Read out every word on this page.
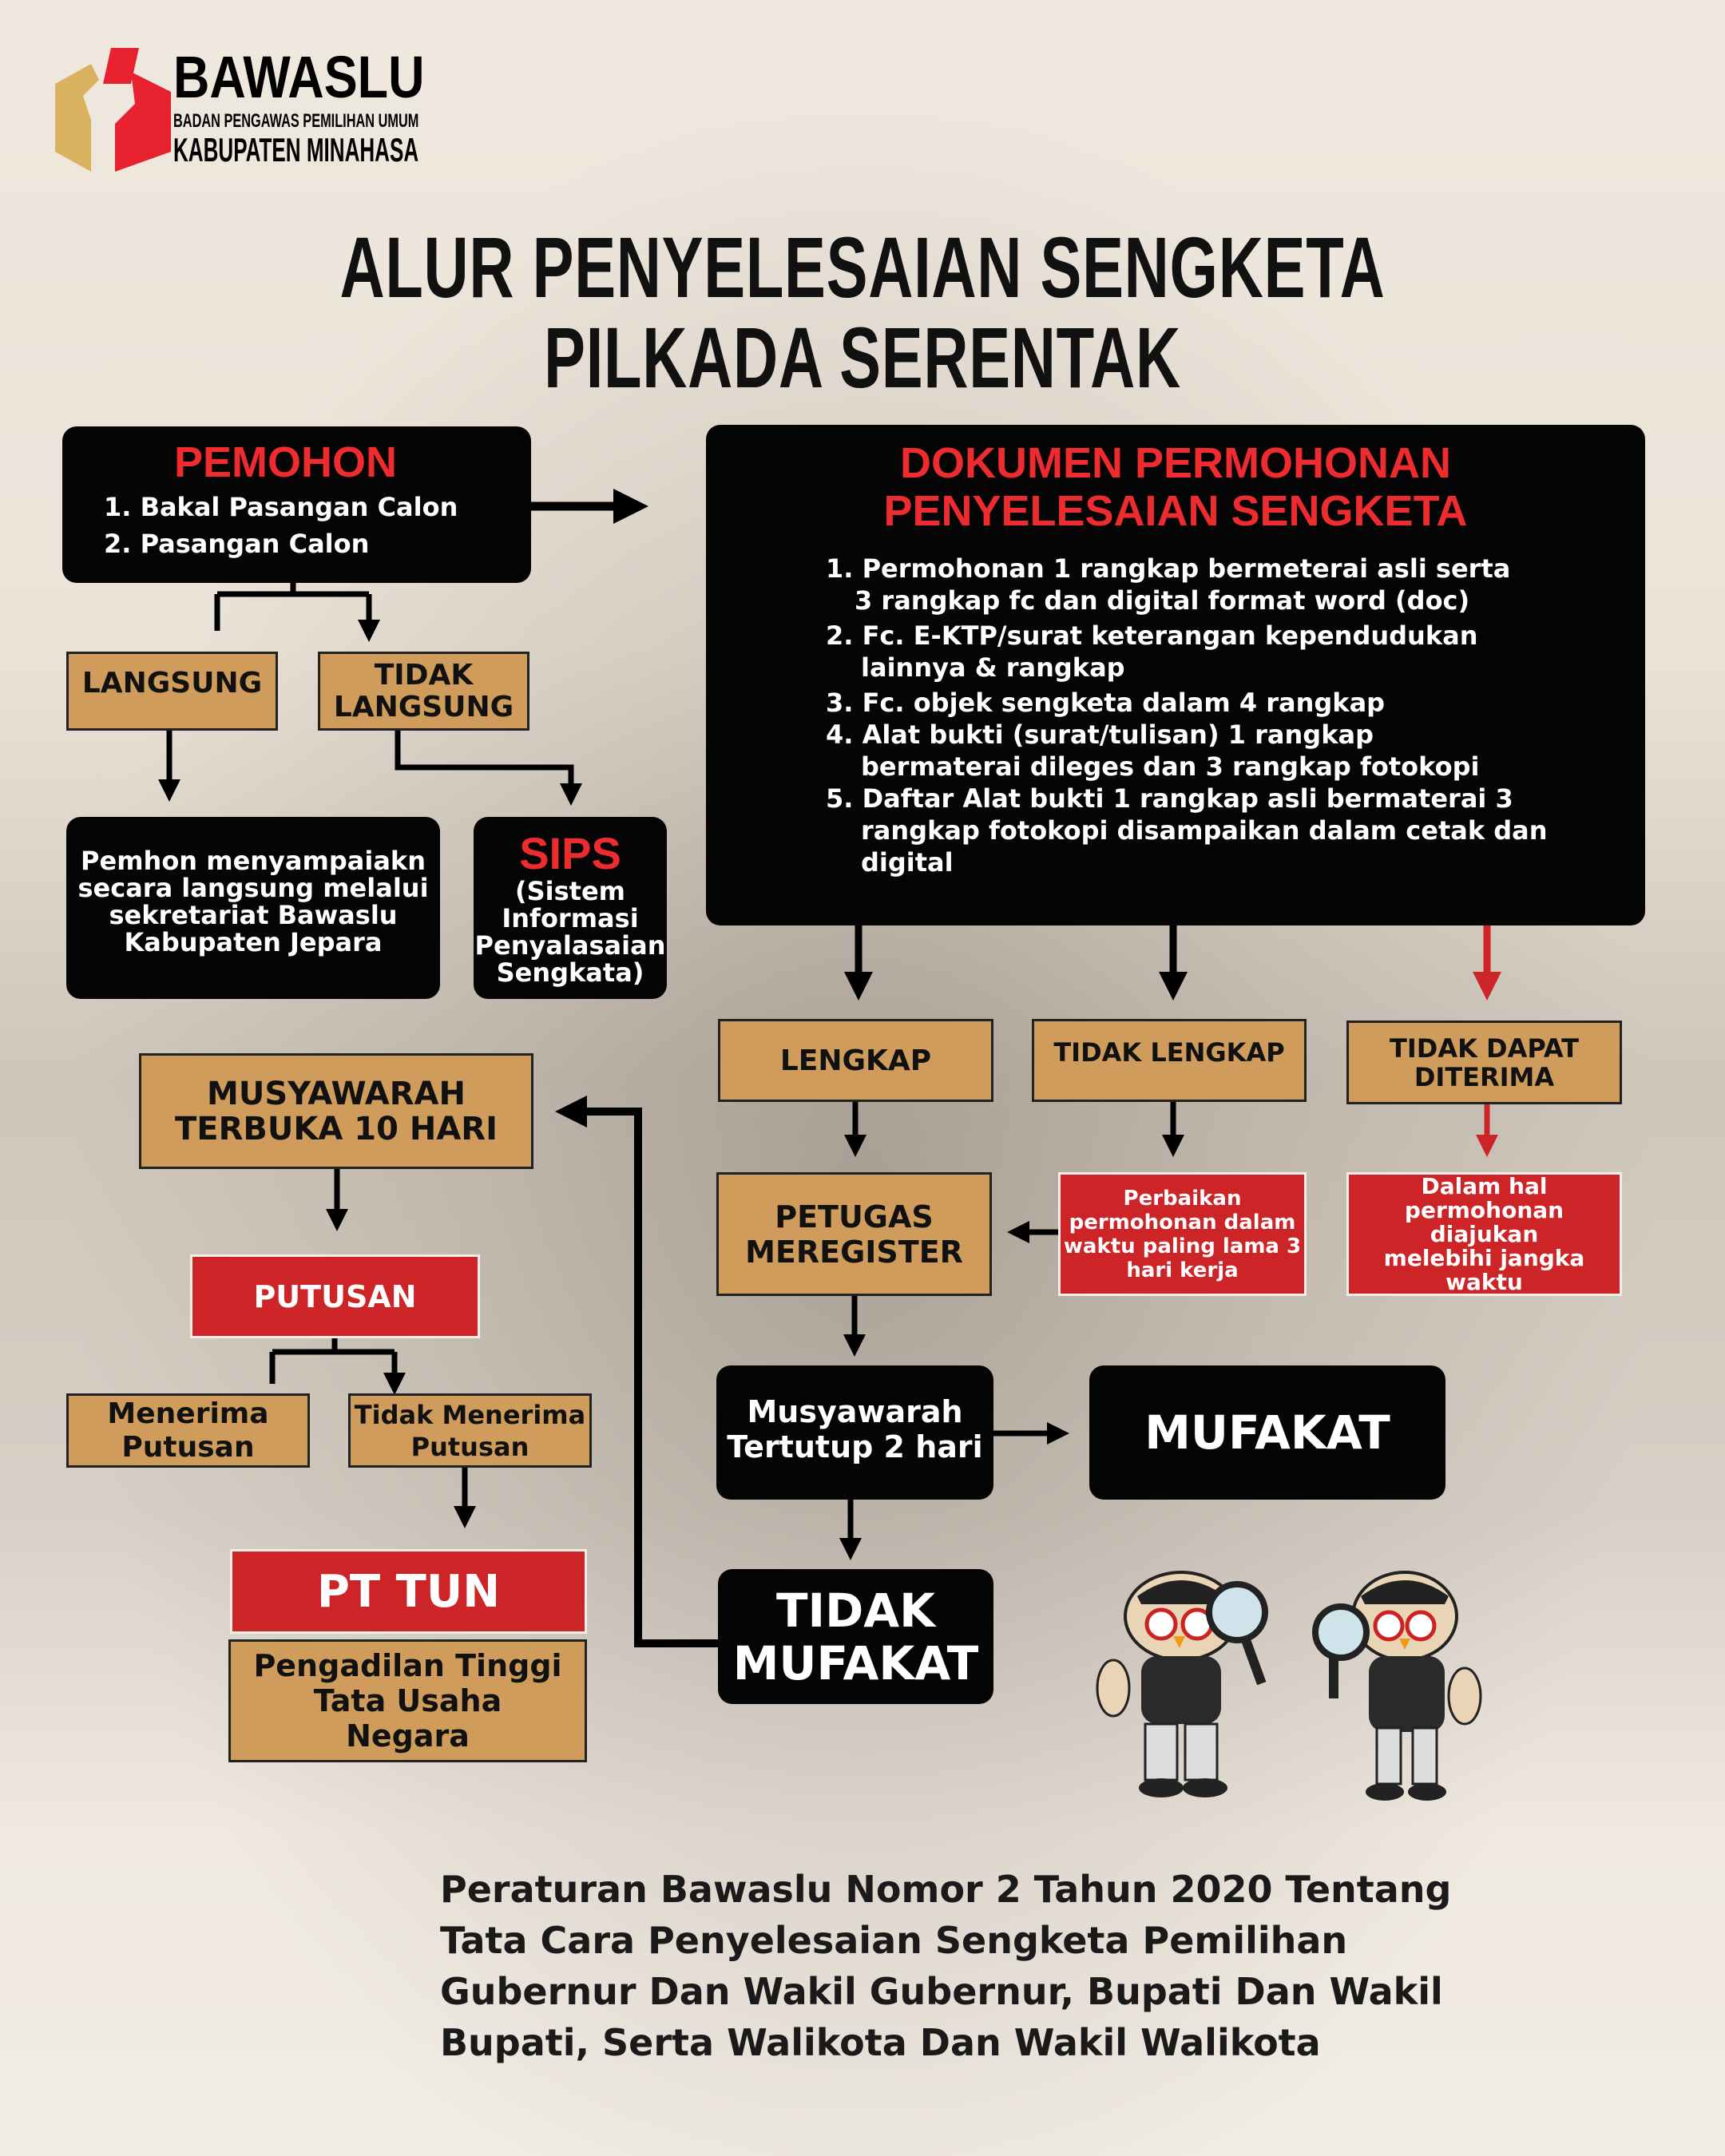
BAWASLU
BADAN PENGAWAS PEMILIHAN UMUM
KABUPATEN MINAHASA
ALUR PENYELESAIAN SENGKETA
PILKADA SERENTAK
PEMOHON
1. Bakal Pasangan Calon
2. Pasangan Calon
DOKUMEN PERMOHONAN
PENYELESAIAN SENGKETA
1. Permohonan 1 rangkap bermeterai asli serta
3 rangkap fc dan digital format word (doc)
2. Fc. E-KTP/surat keterangan kependudukan
lainnya & rangkap
3. Fc. objek sengketa dalam 4 rangkap
4. Alat bukti (surat/tulisan) 1 rangkap
bermaterai dileges dan 3 rangkap fotokopi
5. Daftar Alat bukti 1 rangkap asli bermaterai 3
rangkap fotokopi disampaikan dalam cetak dan
digital
LANGSUNG	TIDAK
LANGSUNG
Pemhon menyampaiakn
secara langsung melalui
sekretariat Bawaslu
Kabupaten Jepara
SIPS
(Sistem
Informasi
Penyalasaian
Sengkata)
LENGKAP	TIDAK LENGKAP	TIDAK DAPAT
DITERIMA
PETUGAS
MEREGISTER
Perbaikan
permohonan dalam
waktu paling lama 3
hari kerja
Dalam hal
permohonan diajukan
melebihi jangka
waktu
Musyawarah
Tertutup 2 hari	MUFAKAT
TIDAK
MUFAKAT
MUSYAWARAH
TERBUKA 10 HARI
PUTUSAN
Menerima
Putusan
Tidak Menerima
Putusan
PT TUN
Pengadilan Tinggi
Tata Usaha
Negara
Peraturan Bawaslu Nomor 2 Tahun 2020 Tentang
Tata Cara Penyelesaian Sengketa Pemilihan
Gubernur Dan Wakil Gubernur, Bupati Dan Wakil
Bupati, Serta Walikota Dan Wakil Walikota
